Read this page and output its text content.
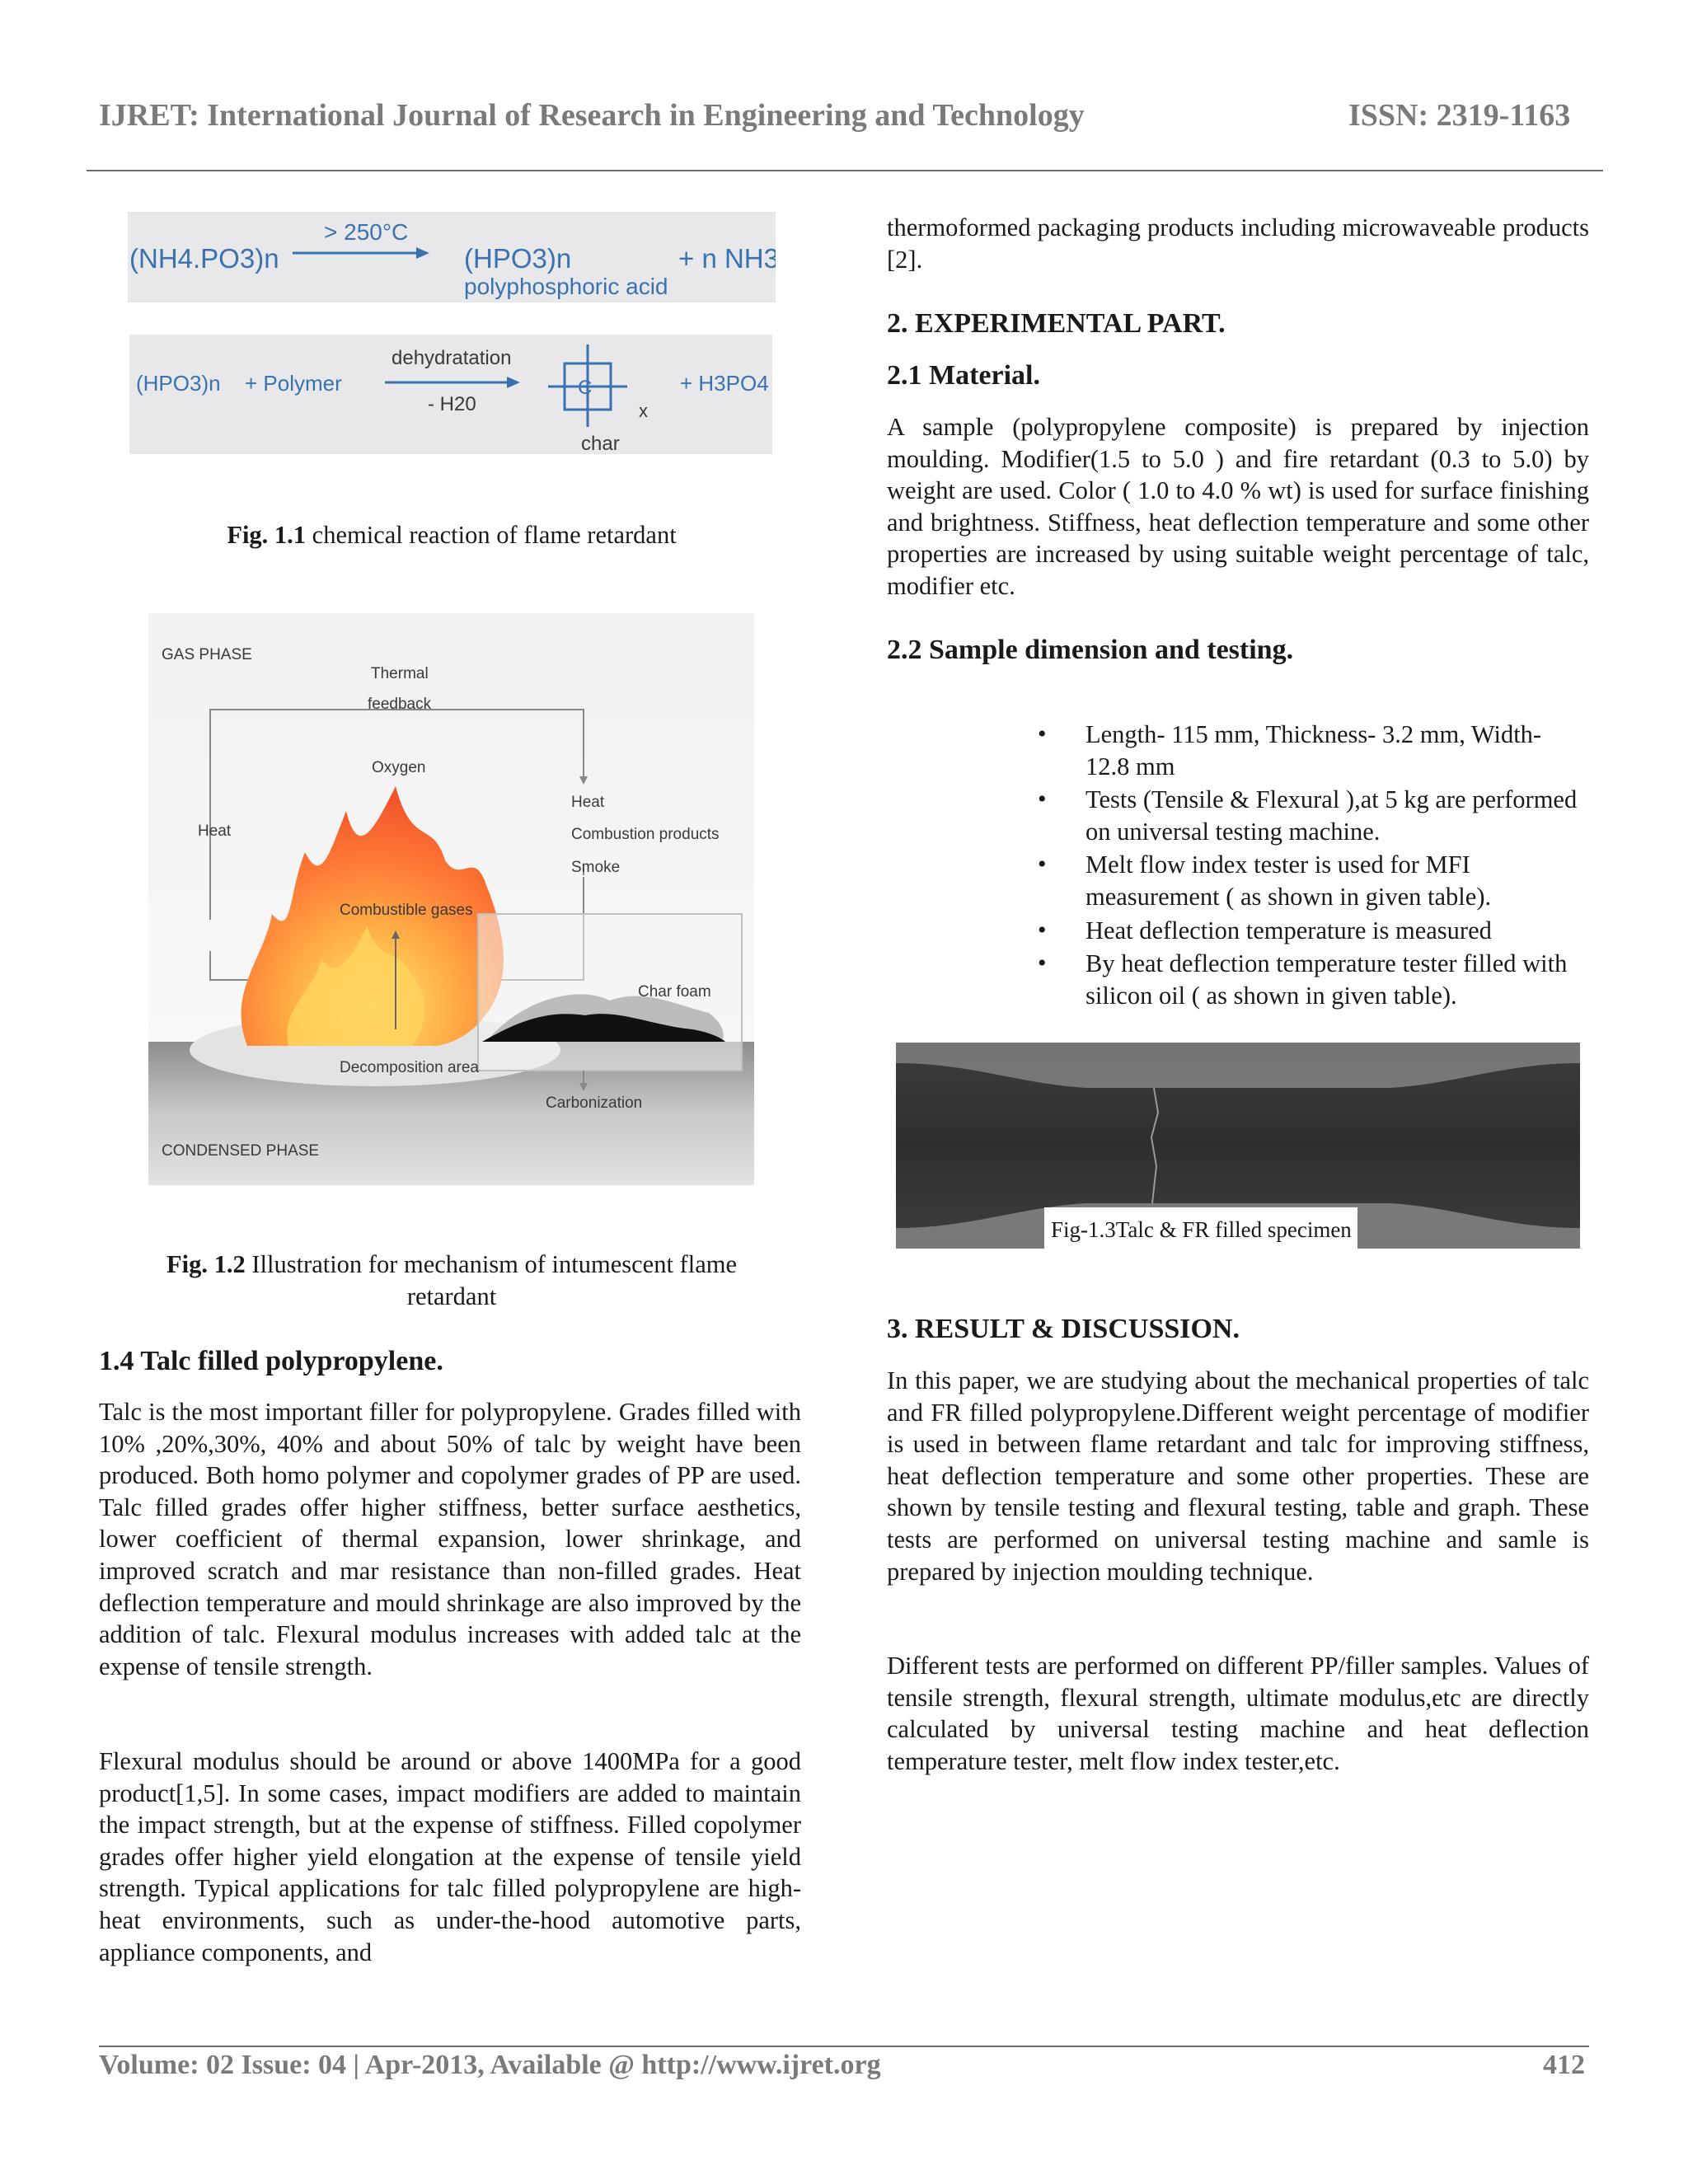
IJRET: International Journal of Research in Engineering and Technology	ISSN: 2319-1163
(NH4.PO3)n
> 250°C
(HPO3)n
polyphosphoric acid
+ n NH3
(HPO3)n + Polymer
dehydratation
- H20
C
x
char
+ H3PO4
Fig. 1.1 chemical reaction of flame retardant
GAS PHASE
Thermal
feedback
Oxygen
Heat
Heat
Combustion products
Smoke
Combustible gases
Char foam
Decomposition area
Carbonization
CONDENSED PHASE
Fig. 1.2 Illustration for mechanism of intumescent flame retardant
1.4 Talc filled polypropylene.
Talc is the most important filler for polypropylene. Grades filled with 10% ,20%,30%, 40% and about 50% of talc by weight have been produced. Both homo polymer and copolymer grades of PP are used. Talc filled grades offer higher stiffness, better surface aesthetics, lower coefficient of thermal expansion, lower shrinkage, and improved scratch and mar resistance than non-filled grades. Heat deflection temperature and mould shrinkage are also improved by the addition of talc. Flexural modulus increases with added talc at the expense of tensile strength.
Flexural modulus should be around or above 1400MPa for a good product[1,5]. In some cases, impact modifiers are added to maintain the impact strength, but at the expense of stiffness. Filled copolymer grades offer higher yield elongation at the expense of tensile yield strength. Typical applications for talc filled polypropylene are high-heat environments, such as under-the-hood automotive parts, appliance components, and
thermoformed packaging products including microwaveable products [2].
2. EXPERIMENTAL PART.
2.1 Material.
A sample (polypropylene composite) is prepared by injection moulding. Modifier(1.5 to 5.0 ) and fire retardant (0.3 to 5.0) by weight are used. Color ( 1.0 to 4.0 % wt) is used for surface finishing and brightness. Stiffness, heat deflection temperature and some other properties are increased by using suitable weight percentage of talc, modifier etc.
2.2 Sample dimension and testing.
• Length- 115 mm, Thickness- 3.2 mm, Width- 12.8 mm
• Tests (Tensile & Flexural ),at 5 kg are performed on universal testing machine.
• Melt flow index tester is used for MFI measurement ( as shown in given table).
• Heat deflection temperature is measured
• By heat deflection temperature tester filled with silicon oil ( as shown in given table).
Fig-1.3Talc & FR filled specimen
3. RESULT & DISCUSSION.
In this paper, we are studying about the mechanical properties of talc and FR filled polypropylene.Different weight percentage of modifier is used in between flame retardant and talc for improving stiffness, heat deflection temperature and some other properties. These are shown by tensile testing and flexural testing, table and graph. These tests are performed on universal testing machine and samle is prepared by injection moulding technique.
Different tests are performed on different PP/filler samples. Values of tensile strength, flexural strength, ultimate modulus,etc are directly calculated by universal testing machine and heat deflection temperature tester, melt flow index tester,etc.
Volume: 02 Issue: 04 | Apr-2013, Available @ http://www.ijret.org	412
